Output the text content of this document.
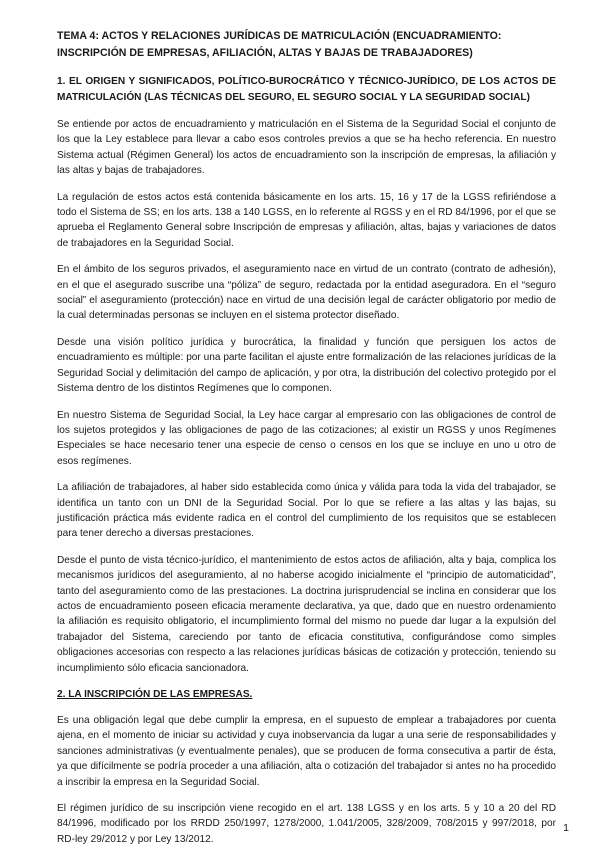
TEMA 4: ACTOS Y RELACIONES JURÍDICAS DE MATRICULACIÓN (ENCUADRAMIENTO: INSCRIPCIÓN DE EMPRESAS, AFILIACIÓN, ALTAS Y BAJAS DE TRABAJADORES)

1. EL ORIGEN Y SIGNIFICADOS, POLÍTICO-BUROCRÁTICO Y TÉCNICO-JURÍDICO, DE LOS ACTOS DE MATRICULACIÓN (LAS TÉCNICAS DEL SEGURO, EL SEGURO SOCIAL Y LA SEGURIDAD SOCIAL)

Se entiende por actos de encuadramiento y matriculación en el Sistema de la Seguridad Social el conjunto de los que la Ley establece para llevar a cabo esos controles previos a que se ha hecho referencia. En nuestro Sistema actual (Régimen General) los actos de encuadramiento son la inscripción de empresas, la afiliación y las altas y bajas de trabajadores.

La regulación de estos actos está contenida básicamente en los arts. 15, 16 y 17 de la LGSS refiriéndose a todo el Sistema de SS; en los arts. 138 a 140 LGSS, en lo referente al RGSS y en el RD 84/1996, por el que se aprueba el Reglamento General sobre Inscripción de empresas y afiliación, altas, bajas y variaciones de datos de trabajadores en la Seguridad Social.

En el ámbito de los seguros privados, el aseguramiento nace en virtud de un contrato (contrato de adhesión), en el que el asegurado suscribe una “póliza” de seguro, redactada por la entidad aseguradora. En el “seguro social” el aseguramiento (protección) nace en virtud de una decisión legal de carácter obligatorio por medio de la cual determinadas personas se incluyen en el sistema protector diseñado.

Desde una visión político jurídica y burocrática, la finalidad y función que persiguen los actos de encuadramiento es múltiple: por una parte facilitan el ajuste entre formalización de las relaciones jurídicas de la Seguridad Social y delimitación del campo de aplicación, y por otra, la distribución del colectivo protegido por el Sistema dentro de los distintos Regímenes que lo componen.

En nuestro Sistema de Seguridad Social, la Ley hace cargar al empresario con las obligaciones de control de los sujetos protegidos y las obligaciones de pago de las cotizaciones; al existir un RGSS y unos Regímenes Especiales se hace necesario tener una especie de censo o censos en los que se incluye en uno u otro de esos regímenes.

La afiliación de trabajadores, al haber sido establecida como única y válida para toda la vida del trabajador, se identifica un tanto con un DNI de la Seguridad Social. Por lo que se refiere a las altas y las bajas, su justificación práctica más evidente radica en el control del cumplimiento de los requisitos que se establecen para tener derecho a diversas prestaciones.

Desde el punto de vista técnico-jurídico, el mantenimiento de estos actos de afiliación, alta y baja, complica los mecanismos jurídicos del aseguramiento, al no haberse acogido inicialmente el “principio de automaticidad”, tanto del aseguramiento como de las prestaciones. La doctrina jurisprudencial se inclina en considerar que los actos de encuadramiento poseen eficacia meramente declarativa, ya que, dado que en nuestro ordenamiento la afiliación es requisito obligatorio, el incumplimiento formal del mismo no puede dar lugar a la expulsión del trabajador del Sistema, careciendo por tanto de eficacia constitutiva, configurándose como simples obligaciones accesorias con respecto a las relaciones jurídicas básicas de cotización y protección, teniendo su incumplimiento sólo eficacia sancionadora.

2. LA INSCRIPCIÓN DE LAS EMPRESAS.

Es una obligación legal que debe cumplir la empresa, en el supuesto de emplear a trabajadores por cuenta ajena, en el momento de iniciar su actividad y cuya inobservancia da lugar a una serie de responsabilidades y sanciones administrativas (y eventualmente penales), que se producen de forma consecutiva a partir de ésta, ya que difícilmente se podría proceder a una afiliación, alta o cotización del trabajador si antes no ha procedido a inscribir la empresa en la Seguridad Social.

El régimen jurídico de su inscripción viene recogido en el art. 138 LGSS y en los arts. 5 y 10 a 20 del RD 84/1996, modificado por los RRDD 250/1997, 1278/2000, 1.041/2005, 328/2009, 708/2015 y 997/2018, por RD-ley 29/2012 y por Ley 13/2012.

1
